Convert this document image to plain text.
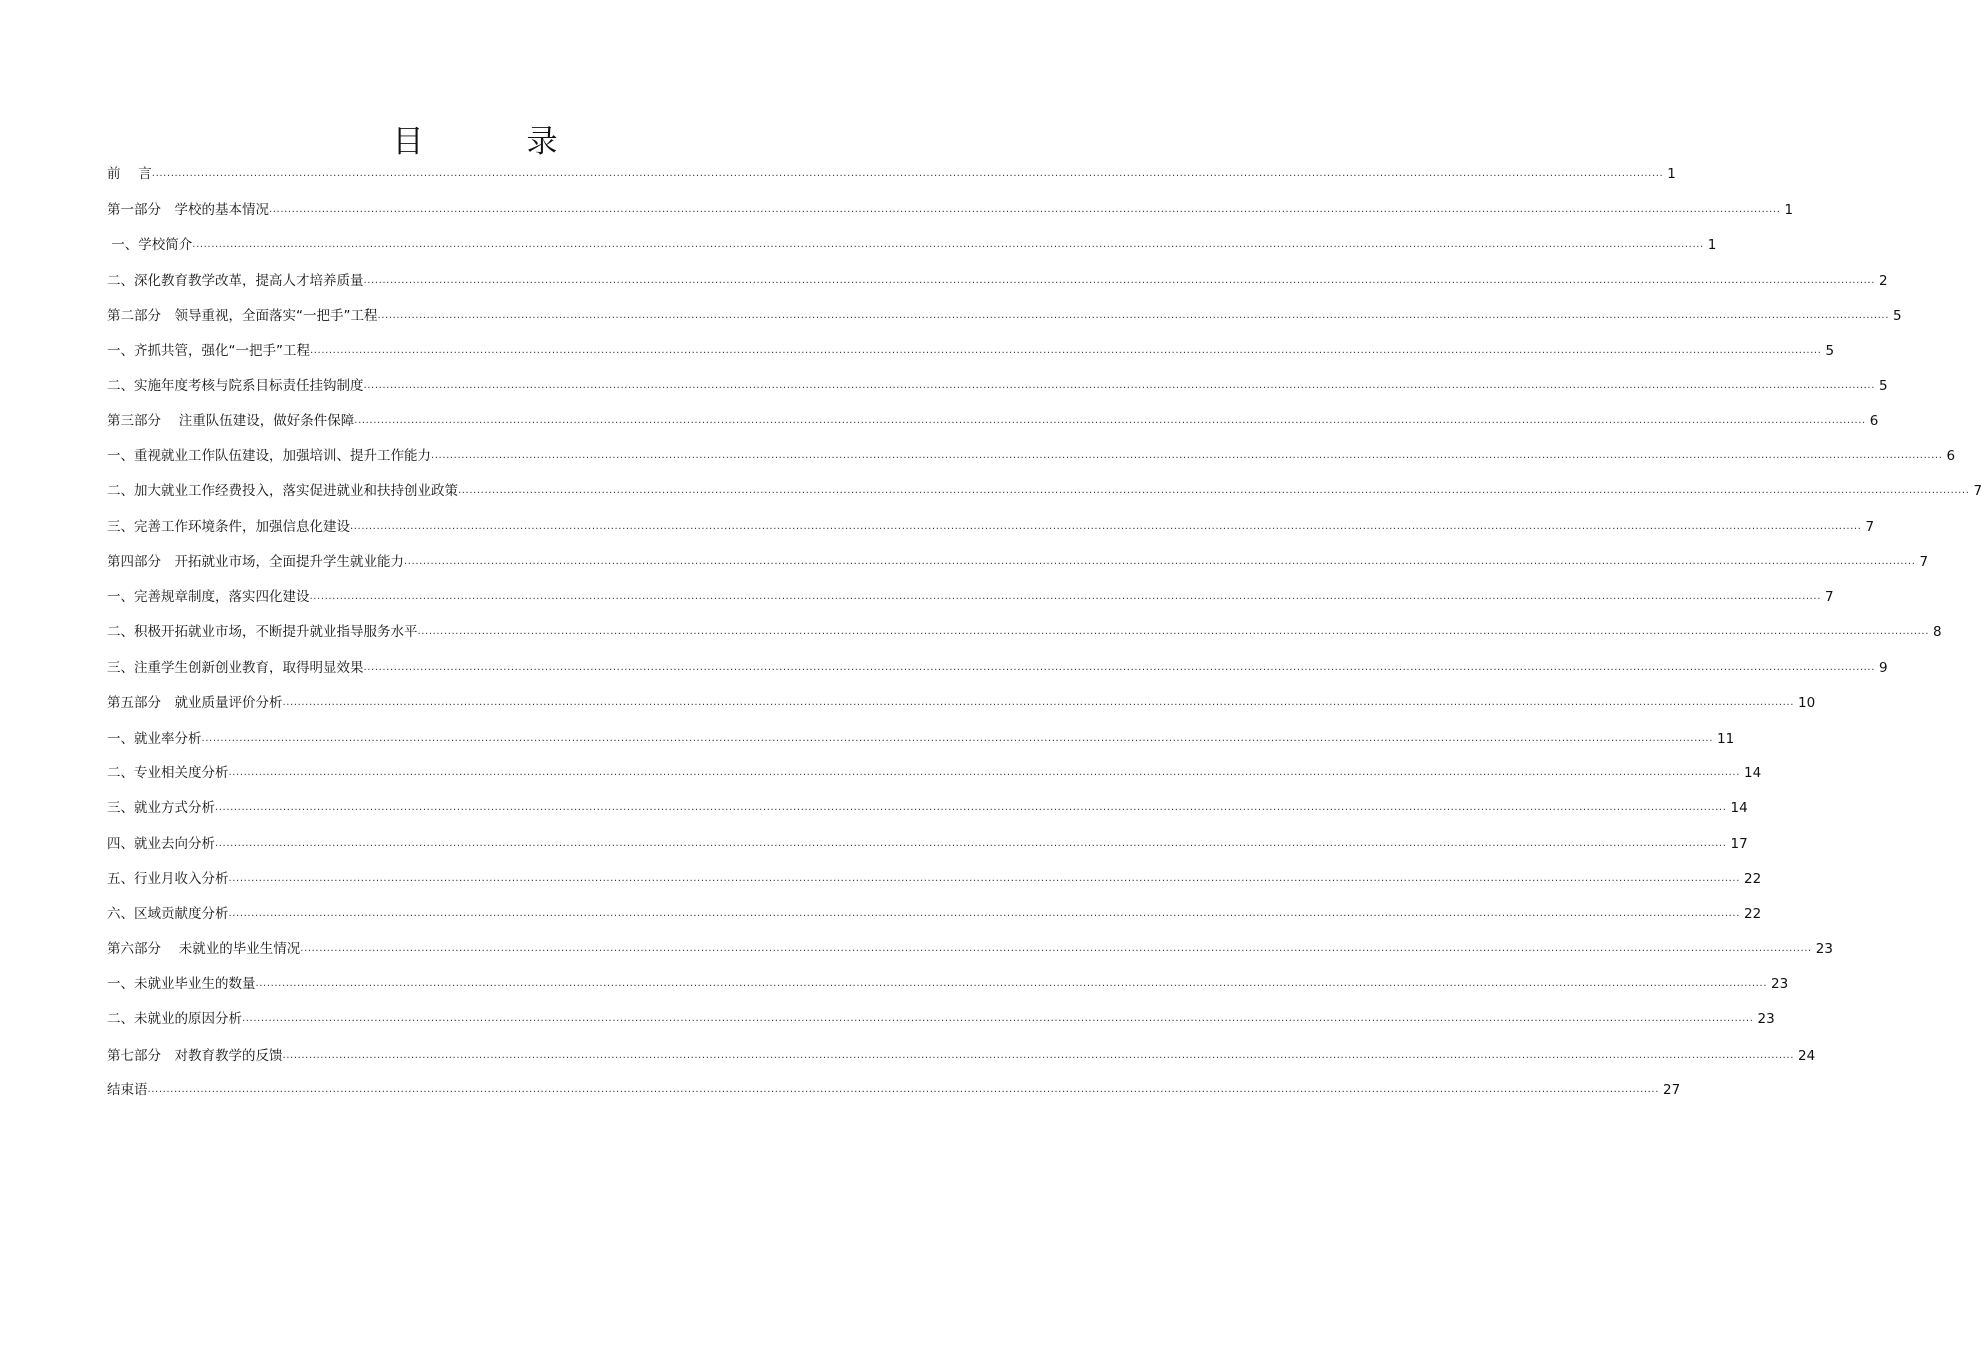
目　录
前　 言 ................................................................................................................................................................................................................................................................................................................................................................................................................ 1
第一部分　学校的基本情况 ................................................................................................................................................................................................................................................................................................................................................................................................................ 1
一、学校简介 ................................................................................................................................................................................................................................................................................................................................................................................................................ 1
二、深化教育教学改革，提高人才培养质量 ................................................................................................................................................................................................................................................................................................................................................................................................................ 2
第二部分　领导重视，全面落实“一把手”工程 ................................................................................................................................................................................................................................................................................................................................................................................................................ 5
一、齐抓共管，强化“一把手”工程 ................................................................................................................................................................................................................................................................................................................................................................................................................ 5
二、实施年度考核与院系目标责任挂钩制度 ................................................................................................................................................................................................................................................................................................................................................................................................................ 5
第三部分　 注重队伍建设，做好条件保障 ................................................................................................................................................................................................................................................................................................................................................................................................................ 6
一、重视就业工作队伍建设，加强培训、提升工作能力 ................................................................................................................................................................................................................................................................................................................................................................................................................ 6
二、加大就业工作经费投入，落实促进就业和扶持创业政策 ................................................................................................................................................................................................................................................................................................................................................................................................................ 7
三、完善工作环境条件，加强信息化建设 ................................................................................................................................................................................................................................................................................................................................................................................................................ 7
第四部分　开拓就业市场，全面提升学生就业能力 ................................................................................................................................................................................................................................................................................................................................................................................................................ 7
一、完善规章制度，落实四化建设 ................................................................................................................................................................................................................................................................................................................................................................................................................ 7
二、积极开拓就业市场，不断提升就业指导服务水平 ................................................................................................................................................................................................................................................................................................................................................................................................................ 8
三、注重学生创新创业教育，取得明显效果 ................................................................................................................................................................................................................................................................................................................................................................................................................ 9
第五部分　就业质量评价分析 ................................................................................................................................................................................................................................................................................................................................................................................................................ 10
一、就业率分析 ................................................................................................................................................................................................................................................................................................................................................................................................................ 11
二、专业相关度分析 ................................................................................................................................................................................................................................................................................................................................................................................................................ 14
三、就业方式分析 ................................................................................................................................................................................................................................................................................................................................................................................................................ 14
四、就业去向分析 ................................................................................................................................................................................................................................................................................................................................................................................................................ 17
五、行业月收入分析 ................................................................................................................................................................................................................................................................................................................................................................................................................ 22
六、区域贡献度分析 ................................................................................................................................................................................................................................................................................................................................................................................................................ 22
第六部分　 未就业的毕业生情况 ................................................................................................................................................................................................................................................................................................................................................................................................................ 23
一、未就业毕业生的数量 ................................................................................................................................................................................................................................................................................................................................................................................................................ 23
二、未就业的原因分析 ................................................................................................................................................................................................................................................................................................................................................................................................................ 23
第七部分　对教育教学的反馈 ................................................................................................................................................................................................................................................................................................................................................................................................................ 24
结束语 ................................................................................................................................................................................................................................................................................................................................................................................................................ 27
